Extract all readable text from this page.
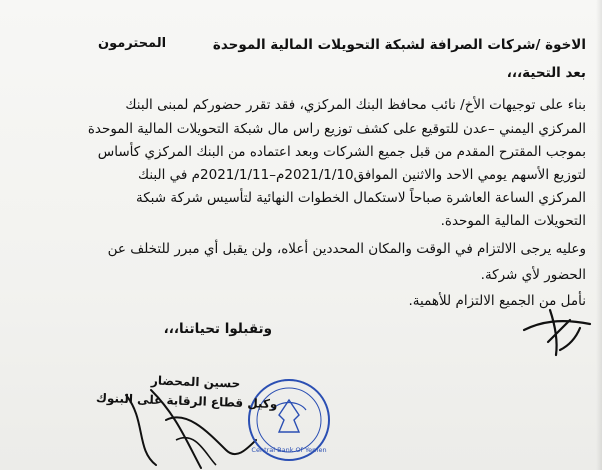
الاخوة /شركات الصرافة لشبكة التحويلات المالية الموحدة
المحترمون
بعد التحية،،،
بناء على توجيهات الأخ/ نائب محافظ البنك المركزي، فقد تقرر حضوركم لمبنى البنك
المركزي اليمني –عدن للتوقيع على كشف توزيع راس مال شبكة التحويلات المالية الموحدة
بموجب المقترح المقدم من قبل جميع الشركات وبعد اعتماده من البنك المركزي كأساس
لتوزيع الأسهم يومي الاحد والاثنين الموافق2021/1/10م–2021/1/11م في البنك
المركزي الساعة العاشرة صباحاً لاستكمال الخطوات النهائية لتأسيس شركة شبكة
التحويلات المالية الموحدة.
وعليه يرجى الالتزام في الوقت والمكان المحددين أعلاه، ولن يقبل أي مبرر للتخلف عن
الحضور لأي شركة.
نأمل من الجميع الالتزام للأهمية.
وتقبلوا تحياتنا،،،
Central Bank Of Yemen
حسين المحضار
وكيل قطاع الرقابة على البنوك
